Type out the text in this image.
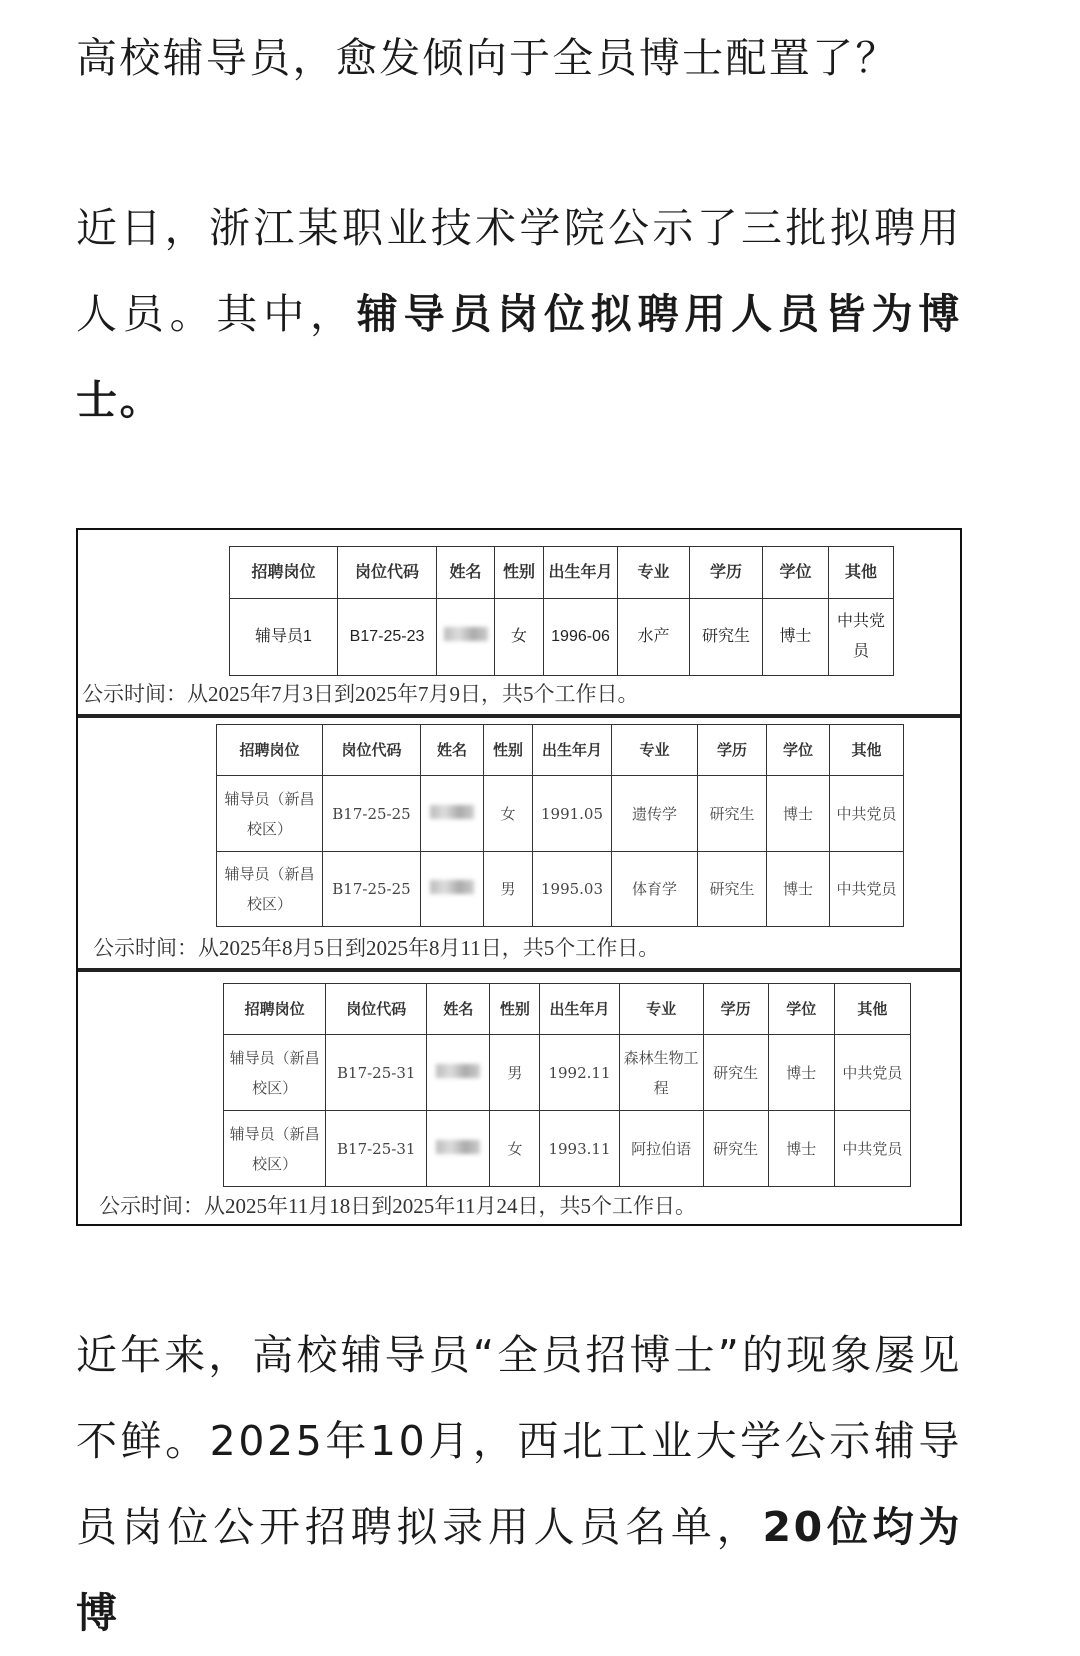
高校辅导员，愈发倾向于全员博士配置了？
近日，浙江某职业技术学院公示了三批拟聘用人员。其中，辅导员岗位拟聘用人员皆为博士。
招聘岗位	岗位代码	姓名	性别	出生年月	专业	学历	学位	其他
辅导员1	B17-25-23		女	1996-06	水产	研究生	博士	中共党员
公示时间：从2025年7月3日到2025年7月9日，共5个工作日。
招聘岗位	岗位代码	姓名	性别	出生年月	专业	学历	学位	其他
辅导员（新昌校区）	B17-25-25		女	1991.05	遗传学	研究生	博士	中共党员
辅导员（新昌校区）	B17-25-25		男	1995.03	体育学	研究生	博士	中共党员
公示时间：从2025年8月5日到2025年8月11日，共5个工作日。
招聘岗位	岗位代码	姓名	性别	出生年月	专业	学历	学位	其他
辅导员（新昌校区）	B17-25-31		男	1992.11	森林生物工程	研究生	博士	中共党员
辅导员（新昌校区）	B17-25-31		女	1993.11	阿拉伯语	研究生	博士	中共党员
公示时间：从2025年11月18日到2025年11月24日，共5个工作日。
近年来，高校辅导员“全员招博士”的现象屡见不鲜。2025年10月，西北工业大学公示辅导员岗位公开招聘拟录用人员名单，20位均为博
